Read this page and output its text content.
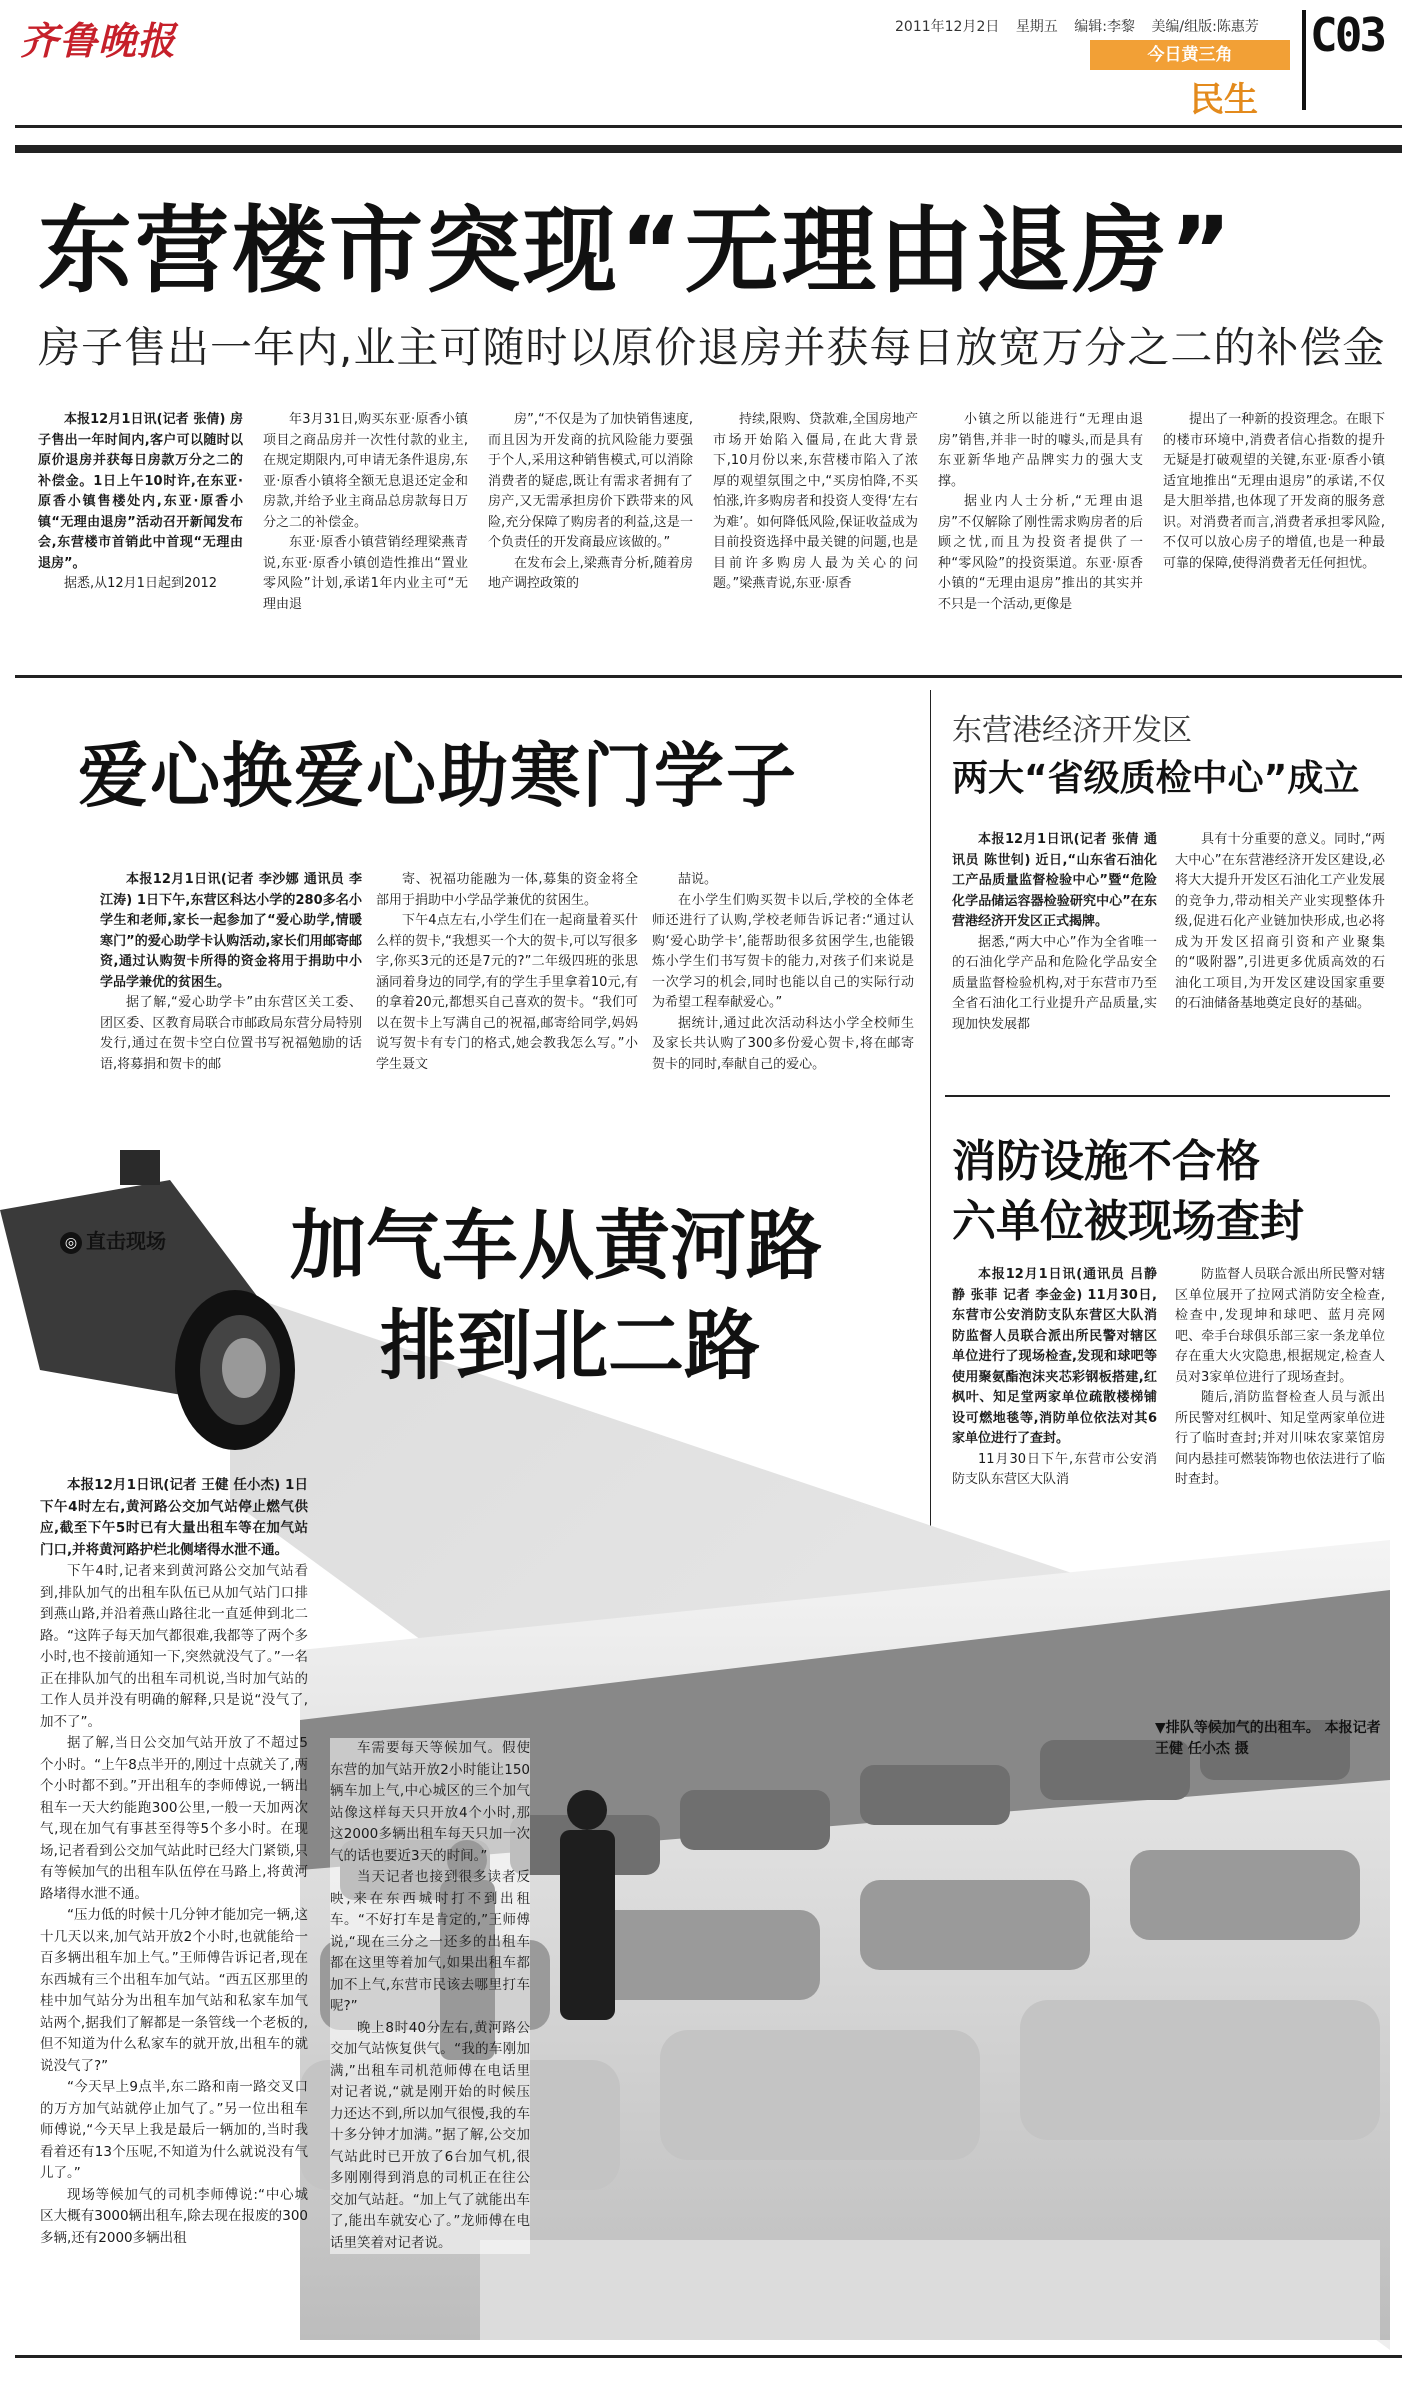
齐鲁晚报	2011年12月2日 星期五 编辑:李黎 美编/组版:陈惠芳
今日黄三角
民生
C03
东营楼市突现“无理由退房”
房子售出一年内,业主可随时以原价退房并获每日放宽万分之二的补偿金

本报12月1日讯(记者 张倩) 房子售出一年时间内,客户可以随时以原价退房并获每日房款万分之二的补偿金。1日上午10时许,在东亚·原香小镇售楼处内,东亚·原香小镇“无理由退房”活动召开新闻发布会,东营楼市首销此中首现“无理由退房”。

据悉,从12月1日起到2012

年3月31日,购买东亚·原香小镇项目之商品房并一次性付款的业主,在规定期限内,可申请无条件退房,东亚·原香小镇将全额无息退还定金和房款,并给予业主商品总房款每日万分之二的补偿金。

东亚·原香小镇营销经理梁燕青说,东亚·原香小镇创造性推出“置业零风险”计划,承诺1年内业主可“无理由退

房”,“不仅是为了加快销售速度,而且因为开发商的抗风险能力要强于个人,采用这种销售模式,可以消除消费者的疑虑,既让有需求者拥有了房产,又无需承担房价下跌带来的风险,充分保障了购房者的利益,这是一个负责任的开发商最应该做的。”

在发布会上,梁燕青分析,随着房地产调控政策的

持续,限购、贷款难,全国房地产市场开始陷入僵局,在此大背景下,10月份以来,东营楼市陷入了浓厚的观望氛围之中,“买房怕降,不买怕涨,许多购房者和投资人变得‘左右为难’。如何降低风险,保证收益成为目前投资选择中最关键的问题,也是目前许多购房人最为关心的问题。”梁燕青说,东亚·原香

小镇之所以能进行“无理由退房”销售,并非一时的噱头,而是具有东亚新华地产品牌实力的强大支撑。

据业内人士分析,“无理由退房”不仅解除了刚性需求购房者的后顾之忧,而且为投资者提供了一种“零风险”的投资渠道。东亚·原香小镇的“无理由退房”推出的其实并不只是一个活动,更像是

提出了一种新的投资理念。在眼下的楼市环境中,消费者信心指数的提升无疑是打破观望的关键,东亚·原香小镇适宜地推出“无理由退房”的承诺,不仅是大胆举措,也体现了开发商的服务意识。对消费者而言,消费者承担零风险,不仅可以放心房子的增值,也是一种最可靠的保障,使得消费者无任何担忧。

爱心换爱心助寒门学子

本报12月1日讯(记者 李沙娜 通讯员 李江涛) 1日下午,东营区科达小学的280多名小学生和老师,家长一起参加了“爱心助学,情暖寒门”的爱心助学卡认购活动,家长们用邮寄邮资,通过认购贺卡所得的资金将用于捐助中小学品学兼优的贫困生。

据了解,“爱心助学卡”由东营区关工委、团区委、区教育局联合市邮政局东营分局特别发行,通过在贺卡空白位置书写祝福勉励的话语,将募捐和贺卡的邮

寄、祝福功能融为一体,募集的资金将全部用于捐助中小学品学兼优的贫困生。

下午4点左右,小学生们在一起商量着买什么样的贺卡,“我想买一个大的贺卡,可以写很多字,你买3元的还是7元的?”二年级四班的张思涵同着身边的同学,有的学生手里拿着10元,有的拿着20元,都想买自己喜欢的贺卡。“我们可以在贺卡上写满自己的祝福,邮寄给同学,妈妈说写贺卡有专门的格式,她会教我怎么写。”小学生聂文

喆说。

在小学生们购买贺卡以后,学校的全体老师还进行了认购,学校老师告诉记者:“通过认购‘爱心助学卡’,能帮助很多贫困学生,也能锻炼小学生们书写贺卡的能力,对孩子们来说是一次学习的机会,同时也能以自己的实际行动为希望工程奉献爱心。”

据统计,通过此次活动科达小学全校师生及家长共认购了300多份爱心贺卡,将在邮寄贺卡的同时,奉献自己的爱心。

东营港经济开发区
两大“省级质检中心”成立

本报12月1日讯(记者 张倩 通讯员 陈世钊) 近日,“山东省石油化工产品质量监督检验中心”暨“危险化学品储运容器检验研究中心”在东营港经济开发区正式揭牌。

据悉,“两大中心”作为全省唯一的石油化学产品和危险化学品安全质量监督检验机构,对于东营市乃至全省石油化工行业提升产品质量,实现加快发展都

具有十分重要的意义。同时,“两大中心”在东营港经济开发区建设,必将大大提升开发区石油化工产业发展的竞争力,带动相关产业实现整体升级,促进石化产业链加快形成,也必将成为开发区招商引资和产业聚集的“吸附器”,引进更多优质高效的石油化工项目,为开发区建设国家重要的石油储备基地奠定良好的基础。

消防设施不合格
六单位被现场查封

本报12月1日讯(通讯员 吕静静 张菲 记者 李金金) 11月30日,东营市公安消防支队东营区大队消防监督人员联合派出所民警对辖区单位进行了现场检查,发现和球吧等使用聚氨酯泡沫夹芯彩钢板搭建,红枫叶、知足堂两家单位疏散楼梯铺设可燃地毯等,消防单位依法对其6家单位进行了查封。

11月30日下午,东营市公安消防支队东营区大队消

防监督人员联合派出所民警对辖区单位展开了拉网式消防安全检查,检查中,发现坤和球吧、蓝月亮网吧、牵手台球俱乐部三家一条龙单位存在重大火灾隐患,根据规定,检查人员对3家单位进行了现场查封。

随后,消防监督检查人员与派出所民警对红枫叶、知足堂两家单位进行了临时查封;并对川味农家菜馆房间内悬挂可燃装饰物也依法进行了临时查封。

◎ 直击现场 加气车从黄河路
排到北二路

本报12月1日讯(记者 王健 任小杰) 1日下午4时左右,黄河路公交加气站停止燃气供应,截至下午5时已有大量出租车等在加气站门口,并将黄河路护栏北侧堵得水泄不通。

下午4时,记者来到黄河路公交加气站看到,排队加气的出租车队伍已从加气站门口排到燕山路,并沿着燕山路往北一直延伸到北二路。“这阵子每天加气都很难,我都等了两个多小时,也不接前通知一下,突然就没气了。”一名正在排队加气的出租车司机说,当时加气站的工作人员并没有明确的解释,只是说“没气了,加不了”。

据了解,当日公交加气站开放了不超过5个小时。“上午8点半开的,刚过十点就关了,两个小时都不到。”开出租车的李师傅说,一辆出租车一天大约能跑300公里,一般一天加两次气,现在加气有事甚至得等5个多小时。在现场,记者看到公交加气站此时已经大门紧锁,只有等候加气的出租车队伍停在马路上,将黄河路堵得水泄不通。

“压力低的时候十几分钟才能加完一辆,这十几天以来,加气站开放2个小时,也就能给一百多辆出租车加上气。”王师傅告诉记者,现在东西城有三个出租车加气站。“西五区那里的桂中加气站分为出租车加气站和私家车加气站两个,据我们了解都是一条管线一个老板的,但不知道为什么私家车的就开放,出租车的就说没气了?”

“今天早上9点半,东二路和南一路交叉口的万方加气站就停止加气了。”另一位出租车师傅说,“今天早上我是最后一辆加的,当时我看着还有13个压呢,不知道为什么就说没有气儿了。”

现场等候加气的司机李师傅说:“中心城区大概有3000辆出租车,除去现在报废的300多辆,还有2000多辆出租

车需要每天等候加气。假使东营的加气站开放2小时能让150辆车加上气,中心城区的三个加气站像这样每天只开放4个小时,那这2000多辆出租车每天只加一次气的话也要近3天的时间。”

当天记者也接到很多读者反映,来在东西城时打不到出租车。“不好打车是肯定的,”王师傅说,“现在三分之一还多的出租车都在这里等着加气,如果出租车都加不上气,东营市民该去哪里打车呢?”

晚上8时40分左右,黄河路公交加气站恢复供气。“我的车刚加满,”出租车司机范师傅在电话里对记者说,“就是刚开始的时候压力还达不到,所以加气很慢,我的车十多分钟才加满。”据了解,公交加气站此时已开放了6台加气机,很多刚刚得到消息的司机正在往公交加气站赶。“加上气了就能出车了,能出车就安心了。”龙师傅在电话里笑着对记者说。

▼排队等候加气的出租车。 本报记者 王健 任小杰 摄
